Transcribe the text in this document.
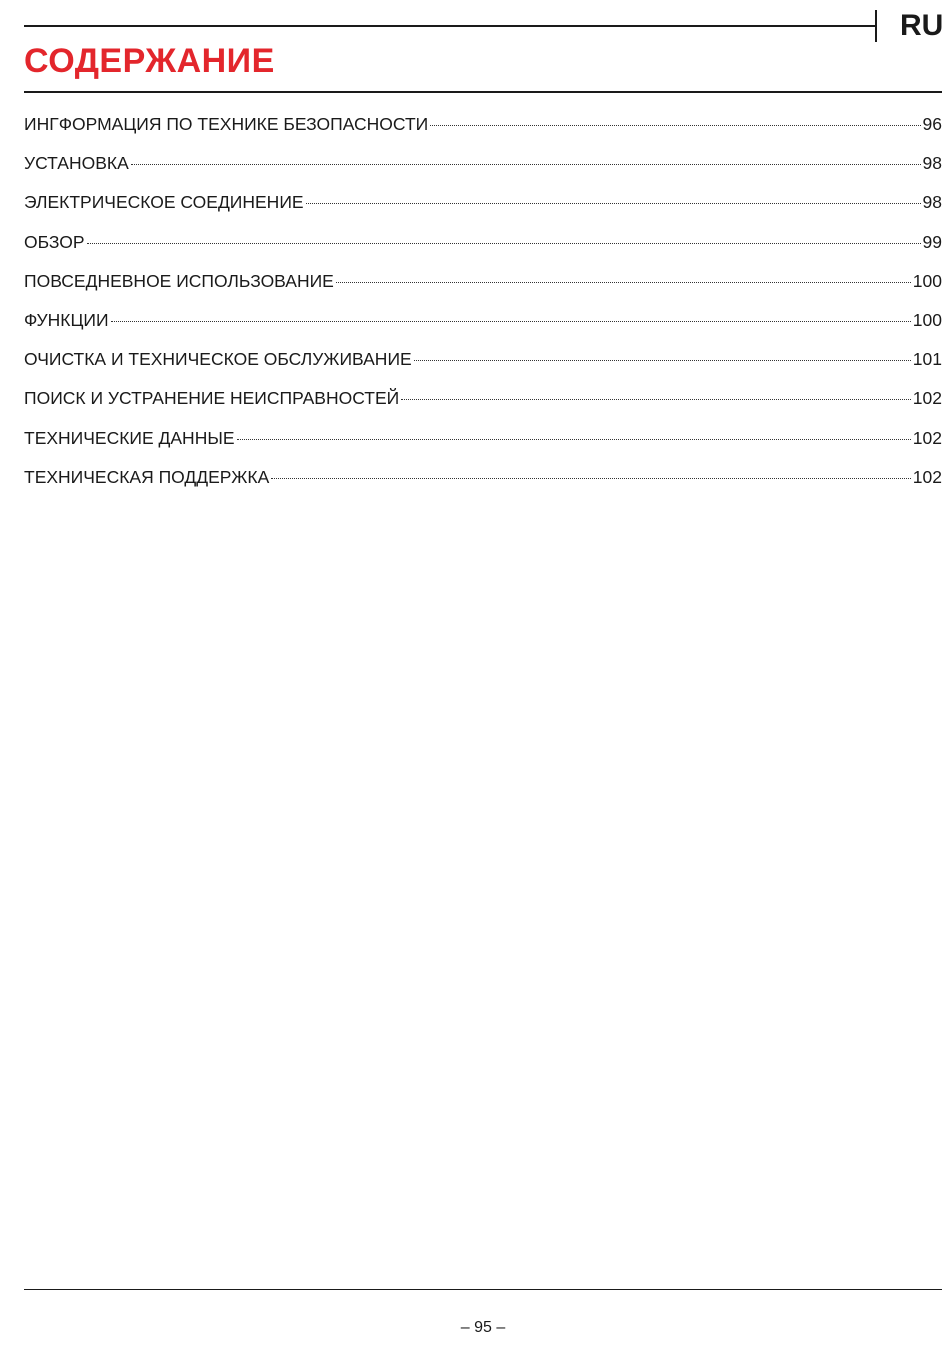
RU
СОДЕРЖАНИЕ
ИНГФОРМАЦИЯ ПО ТЕХНИКЕ БЕЗОПАСНОСТИ	96
УСТАНОВКА	98
ЭЛЕКТРИЧЕСКОЕ СОЕДИНЕНИЕ	98
ОБЗОР	99
ПОВСЕДНЕВНОЕ ИСПОЛЬЗОВАНИЕ	100
ФУНКЦИИ	100
ОЧИСТКА И ТЕХНИЧЕСКОЕ ОБСЛУЖИВАНИЕ	101
ПОИСК И УСТРАНЕНИЕ НЕИСПРАВНОСТЕЙ	102
ТЕХНИЧЕСКИЕ ДАННЫЕ	102
ТЕХНИЧЕСКАЯ ПОДДЕРЖКА	102
– 95 –
